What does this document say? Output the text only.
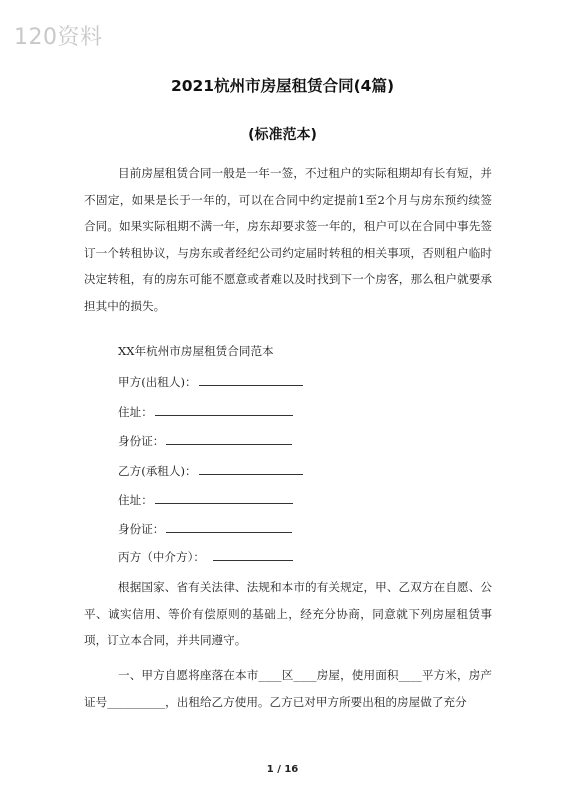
120资料
2021杭州市房屋租赁合同(4篇)
(标准范本)
目前房屋租赁合同一般是一年一签，不过租户的实际租期却有长有短，并不固定，如果是长于一年的，可以在合同中约定提前1至2个月与房东预约续签合同。如果实际租期不满一年，房东却要求签一年的，租户可以在合同中事先签订一个转租协议，与房东或者经纪公司约定届时转租的相关事项，否则租户临时决定转租，有的房东可能不愿意或者难以及时找到下一个房客，那么租户就要承担其中的损失。
XX年杭州市房屋租赁合同范本
甲方(出租人)：
住址：
身份证：
乙方(承租人)：
住址：
身份证：
丙方（中介方）：
根据国家、省有关法律、法规和本市的有关规定，甲、乙双方在自愿、公平、诚实信用、等价有偿原则的基础上，经充分协商，同意就下列房屋租赁事项，订立本合同，并共同遵守。
一、甲方自愿将座落在本市____区____房屋，使用面积____平方米，房产证号__________，出租给乙方使用。乙方已对甲方所要出租的房屋做了充分
1 / 16
